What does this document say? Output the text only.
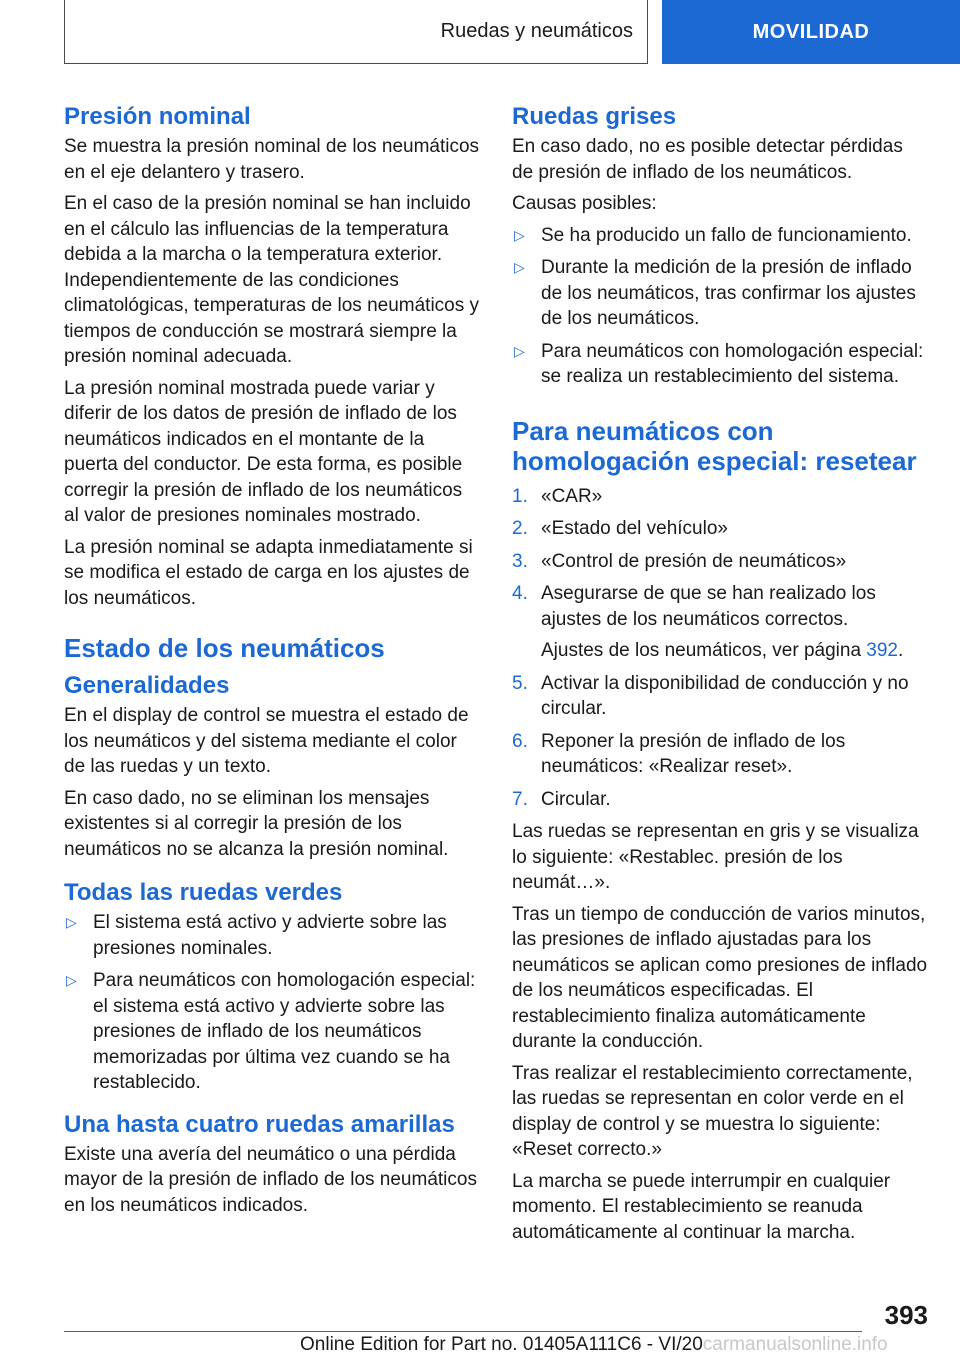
Ruedas y neumáticos	MOVILIDAD
Presión nominal

Se muestra la presión nominal de los neumáticos en el eje delantero y trasero.

En el caso de la presión nominal se han incluido en el cálculo las influencias de la temperatura debida a la marcha o la temperatura exterior. Independientemente de las condiciones climatológicas, temperaturas de los neumáticos y tiempos de conducción se mostrará siempre la presión nominal adecuada.

La presión nominal mostrada puede variar y diferir de los datos de presión de inflado de los neumáticos indicados en el montante de la puerta del conductor. De esta forma, es posible corregir la presión de inflado de los neumáticos al valor de presiones nominales mostrado.

La presión nominal se adapta inmediatamente si se modifica el estado de carga en los ajustes de los neumáticos.

Estado de los neumáticos
Generalidades

En el display de control se muestra el estado de los neumáticos y del sistema mediante el color de las ruedas y un texto.

En caso dado, no se eliminan los mensajes existentes si al corregir la presión de los neumáticos no se alcanza la presión nominal.

Todas las ruedas verdes
▷ El sistema está activo y advierte sobre las presiones nominales.
▷ Para neumáticos con homologación especial: el sistema está activo y advierte sobre las presiones de inflado de los neumáticos memorizadas por última vez cuando se ha restablecido.
Una hasta cuatro ruedas amarillas

Existe una avería del neumático o una pérdida mayor de la presión de inflado de los neumáticos en los neumáticos indicados.

Ruedas grises

En caso dado, no es posible detectar pérdidas de presión de inflado de los neumáticos.

Causas posibles:

▷ Se ha producido un fallo de funcionamiento.
▷ Durante la medición de la presión de inflado de los neumáticos, tras confirmar los ajustes de los neumáticos.
▷ Para neumáticos con homologación especial: se realiza un restablecimiento del sistema.
Para neumáticos con
homologación especial: resetear
1. «CAR»
2. «Estado del vehículo»
3. «Control de presión de neumáticos»
4. Asegurarse de que se han realizado los ajustes de los neumáticos correctos.
Ajustes de los neumáticos, ver página 392.
5. Activar la disponibilidad de conducción y no circular.
6. Reponer la presión de inflado de los neumáticos: «Realizar reset».
7. Circular.

Las ruedas se representan en gris y se visualiza lo siguiente: «Restablec. presión de los neumát…».

Tras un tiempo de conducción de varios minutos, las presiones de inflado ajustadas para los neumáticos se aplican como presiones de inflado de los neumáticos especificadas. El restablecimiento finaliza automáticamente durante la conducción.

Tras realizar el restablecimiento correctamente, las ruedas se representan en color verde en el display de control y se muestra lo siguiente: «Reset correcto.»

La marcha se puede interrumpir en cualquier momento. El restablecimiento se reanuda automáticamente al continuar la marcha.

393
Online Edition for Part no. 01405A111C6 - VI/20carmanualsonline.info
